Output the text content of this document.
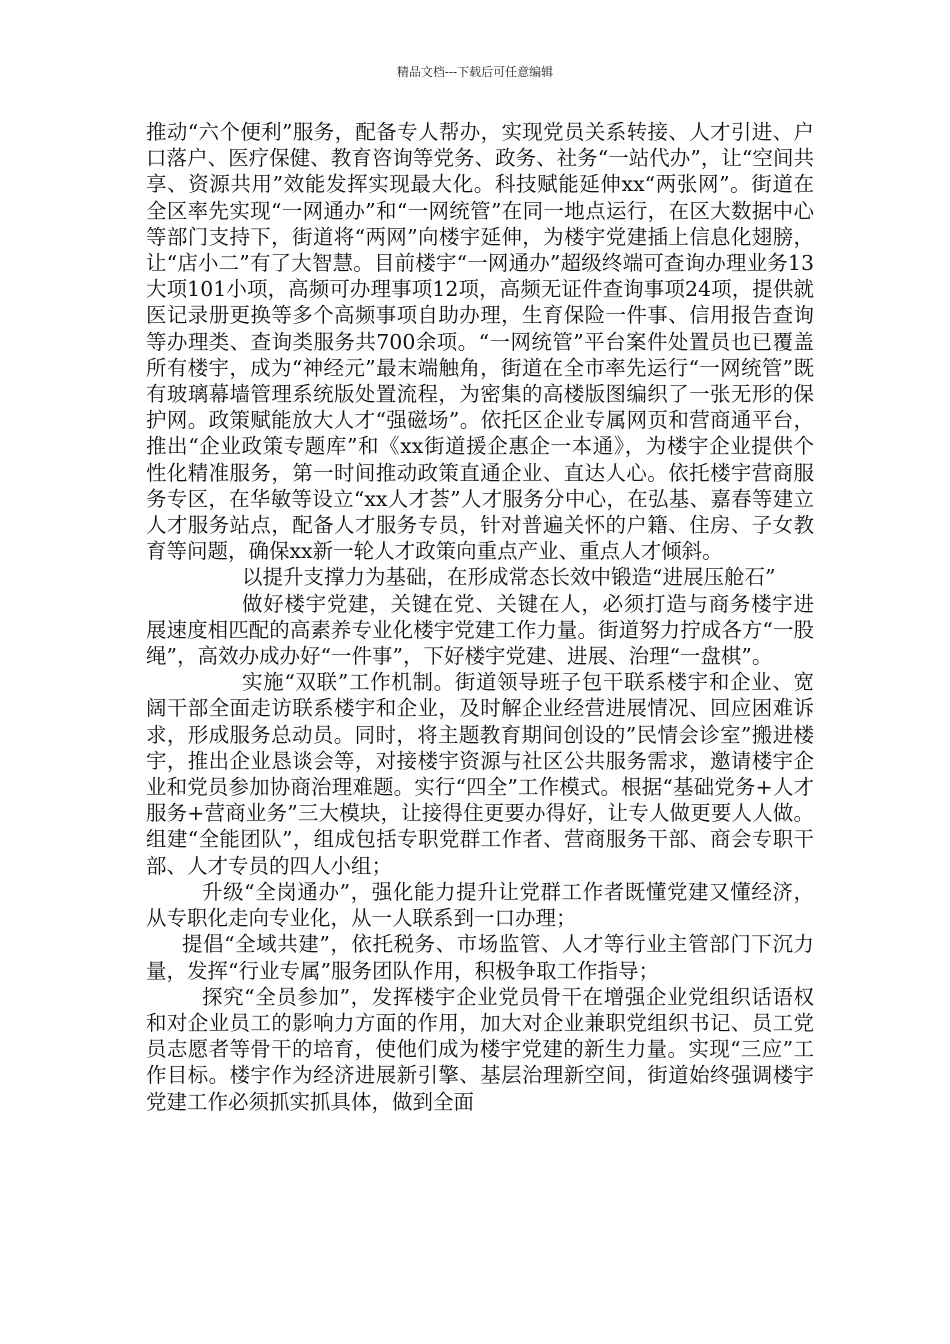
精品文档---下载后可任意编辑

推动“六个便利”服务，配备专人帮办，实现党员关系转接、人才引进、户口落户、医疗保健、教育咨询等党务、政务、社务“一站代办”，让“空间共享、资源共用”效能发挥实现最大化。科技赋能延伸xx“两张网”。街道在全区率先实现“一网通办”和“一网统管”在同一地点运行，在区大数据中心等部门支持下，街道将“两网”向楼宇延伸，为楼宇党建插上信息化翅膀，让“店小二”有了大智慧。目前楼宇“一网通办”超级终端可查询办理业务13大项101小项，高频可办理事项12项，高频无证件查询事项24项，提供就医记录册更换等多个高频事项自助办理，生育保险一件事、信用报告查询等办理类、查询类服务共700余项。“一网统管”平台案件处置员也已覆盖所有楼宇，成为“神经元”最末端触角，街道在全市率先运行“一网统管”既有玻璃幕墙管理系统版处置流程，为密集的高楼版图编织了一张无形的保护网。政策赋能放大人才“强磁场”。依托区企业专属网页和营商通平台，推出“企业政策专题库”和《xx街道援企惠企一本通》，为楼宇企业提供个性化精准服务，第一时间推动政策直通企业、直达人心。依托楼宇营商服务专区，在华敏等设立“xx人才荟”人才服务分中心，在弘基、嘉春等建立人才服务站点，配备人才服务专员，针对普遍关怀的户籍、住房、子女教育等问题，确保xx新一轮人才政策向重点产业、重点人才倾斜。

以提升支撑力为基础，在形成常态长效中锻造“进展压舱石”

做好楼宇党建，关键在党、关键在人，必须打造与商务楼宇进展速度相匹配的高素养专业化楼宇党建工作力量。街道努力拧成各方“一股绳”，高效办成办好“一件事”，下好楼宇党建、进展、治理“一盘棋”。

实施“双联”工作机制。街道领导班子包干联系楼宇和企业、宽阔干部全面走访联系楼宇和企业，及时解企业经营进展情况、回应困难诉求，形成服务总动员。同时，将主题教育期间创设的”民情会诊室”搬进楼宇，推出企业恳谈会等，对接楼宇资源与社区公共服务需求，邀请楼宇企业和党员参加协商治理难题。实行“四全”工作模式。根据“基础党务+人才服务+营商业务”三大模块，让接得住更要办得好，让专人做更要人人做。组建“全能团队”，组成包括专职党群工作者、营商服务干部、商会专职干部、人才专员的四人小组；

升级“全岗通办”，强化能力提升让党群工作者既懂党建又懂经济，从专职化走向专业化，从一人联系到一口办理；

提倡“全域共建”，依托税务、市场监管、人才等行业主管部门下沉力量，发挥“行业专属”服务团队作用，积极争取工作指导；

探究“全员参加”，发挥楼宇企业党员骨干在增强企业党组织话语权和对企业员工的影响力方面的作用，加大对企业兼职党组织书记、员工党员志愿者等骨干的培育，使他们成为楼宇党建的新生力量。实现“三应”工作目标。楼宇作为经济进展新引擎、基层治理新空间，街道始终强调楼宇党建工作必须抓实抓具体，做到全面
